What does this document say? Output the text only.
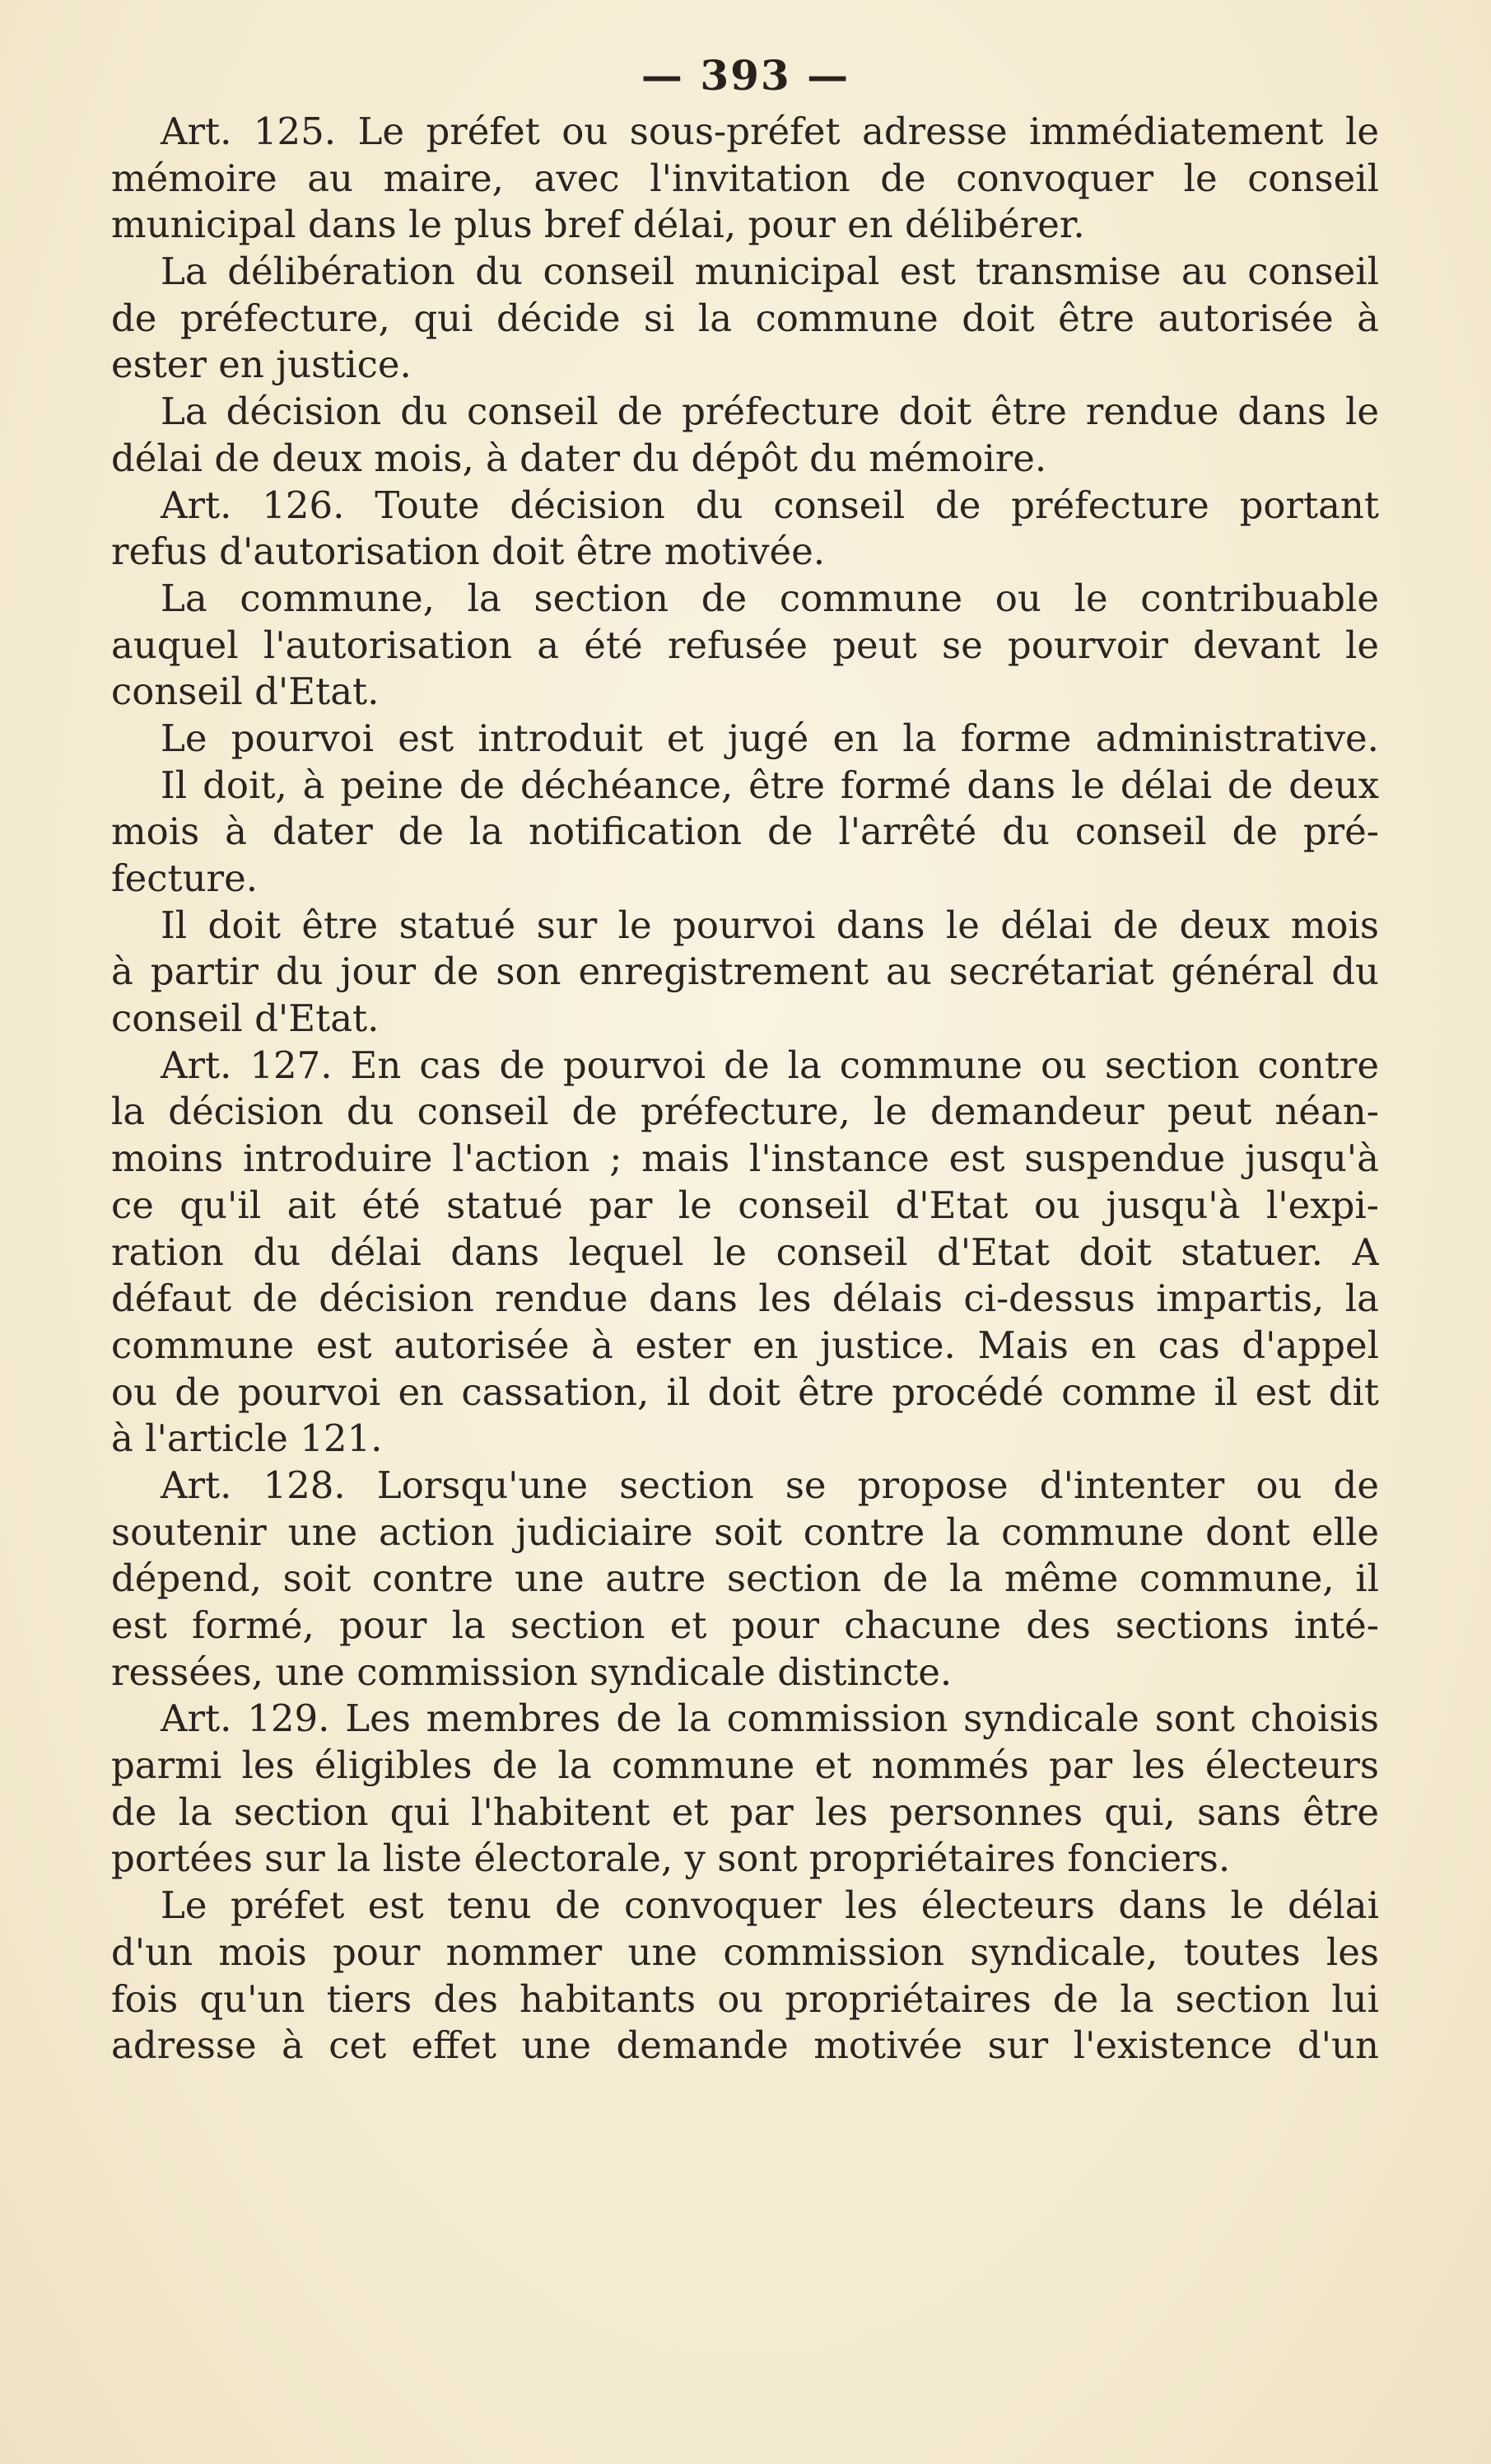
— 393 —
Art. 125. Le préfet ou sous-préfet adresse immédiatement le
mémoire au maire, avec l'invitation de convoquer le conseil
municipal dans le plus bref délai, pour en délibérer.
La délibération du conseil municipal est transmise au conseil
de préfecture, qui décide si la commune doit être autorisée à
ester en justice.
La décision du conseil de préfecture doit être rendue dans le
délai de deux mois, à dater du dépôt du mémoire.
Art. 126. Toute décision du conseil de préfecture portant
refus d'autorisation doit être motivée.
La commune, la section de commune ou le contribuable
auquel l'autorisation a été refusée peut se pourvoir devant le
conseil d'Etat.
Le pourvoi est introduit et jugé en la forme administrative.
Il doit, à peine de déchéance, être formé dans le délai de deux
mois à dater de la notification de l'arrêté du conseil de pré-
fecture.
Il doit être statué sur le pourvoi dans le délai de deux mois
à partir du jour de son enregistrement au secrétariat général du
conseil d'Etat.
Art. 127. En cas de pourvoi de la commune ou section contre
la décision du conseil de préfecture, le demandeur peut néan-
moins introduire l'action ; mais l'instance est suspendue jusqu'à
ce qu'il ait été statué par le conseil d'Etat ou jusqu'à l'expi-
ration du délai dans lequel le conseil d'Etat doit statuer. A
défaut de décision rendue dans les délais ci-dessus impartis, la
commune est autorisée à ester en justice. Mais en cas d'appel
ou de pourvoi en cassation, il doit être procédé comme il est dit
à l'article 121.
Art. 128. Lorsqu'une section se propose d'intenter ou de
soutenir une action judiciaire soit contre la commune dont elle
dépend, soit contre une autre section de la même commune, il
est formé, pour la section et pour chacune des sections inté-
ressées, une commission syndicale distincte.
Art. 129. Les membres de la commission syndicale sont choisis
parmi les éligibles de la commune et nommés par les électeurs
de la section qui l'habitent et par les personnes qui, sans être
portées sur la liste électorale, y sont propriétaires fonciers.
Le préfet est tenu de convoquer les électeurs dans le délai
d'un mois pour nommer une commission syndicale, toutes les
fois qu'un tiers des habitants ou propriétaires de la section lui
adresse à cet effet une demande motivée sur l'existence d'un
